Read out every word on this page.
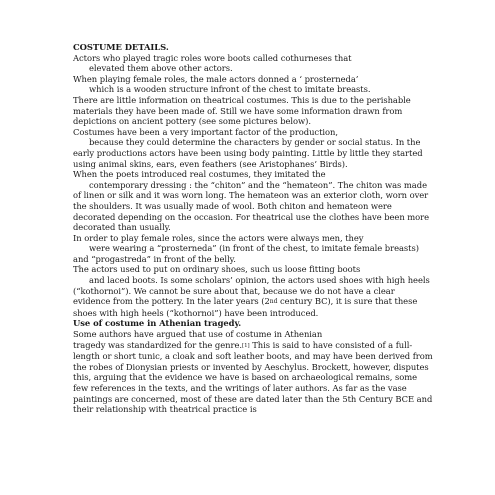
COSTUME DETAILS.

Actors who played tragic roles wore boots called cothurneses that
elevated them above other actors.

When playing female roles, the male actors donned a ‘ prosterneda’
which is a wooden structure infront of the chest to imitate breasts.

There are little information on theatrical costumes. This is due to the perishable materials they have been made of. Still we have some information drawn from depictions on ancient pottery (see some pictures below).

Costumes have been a very important factor of the production,
because they could determine the characters by gender or social status. In the early productions actors have been using body painting. Little by little they started using animal skins, ears, even feathers (see Aristophanes’ Birds).

When the poets introduced real costumes, they imitated the
contemporary dressing : the “chiton” and the “hemateon”. The chiton was made of linen or silk and it was worn long. The hemateon was an exterior cloth, worn over the shoulders. It was usually made of wool. Both chiton and hemateon were decorated depending on the occasion. For theatrical use the clothes have been more decorated than usually.

In order to play female roles, since the actors were always men, they
were wearing a “prosterneda” (in front of the chest, to imitate female breasts) and “progastreda” in front of the belly.

The actors used to put on ordinary shoes, such us loose fitting boots
and laced boots. Is some scholars’ opinion, the actors used shoes with high heels (“kothornoi”). We cannot be sure about that, because we do not have a clear evidence from the pottery. In the later years (2nd century BC), it is sure that these shoes with high heels (“kothornoi”) have been introduced.

Use of costume in Athenian tragedy.

Some authors have argued that use of costume in Athenian
tragedy was standardized for the genre.[1] This is said to have consisted of a full-length or short tunic, a cloak and soft leather boots, and may have been derived from the robes of Dionysian priests or invented by Aeschylus. Brockett, however, disputes this, arguing that the evidence we have is based on archaeological remains, some few references in the texts, and the writings of later authors. As far as the vase paintings are concerned, most of these are dated later than the 5th Century BCE and their relationship with theatrical practice is
